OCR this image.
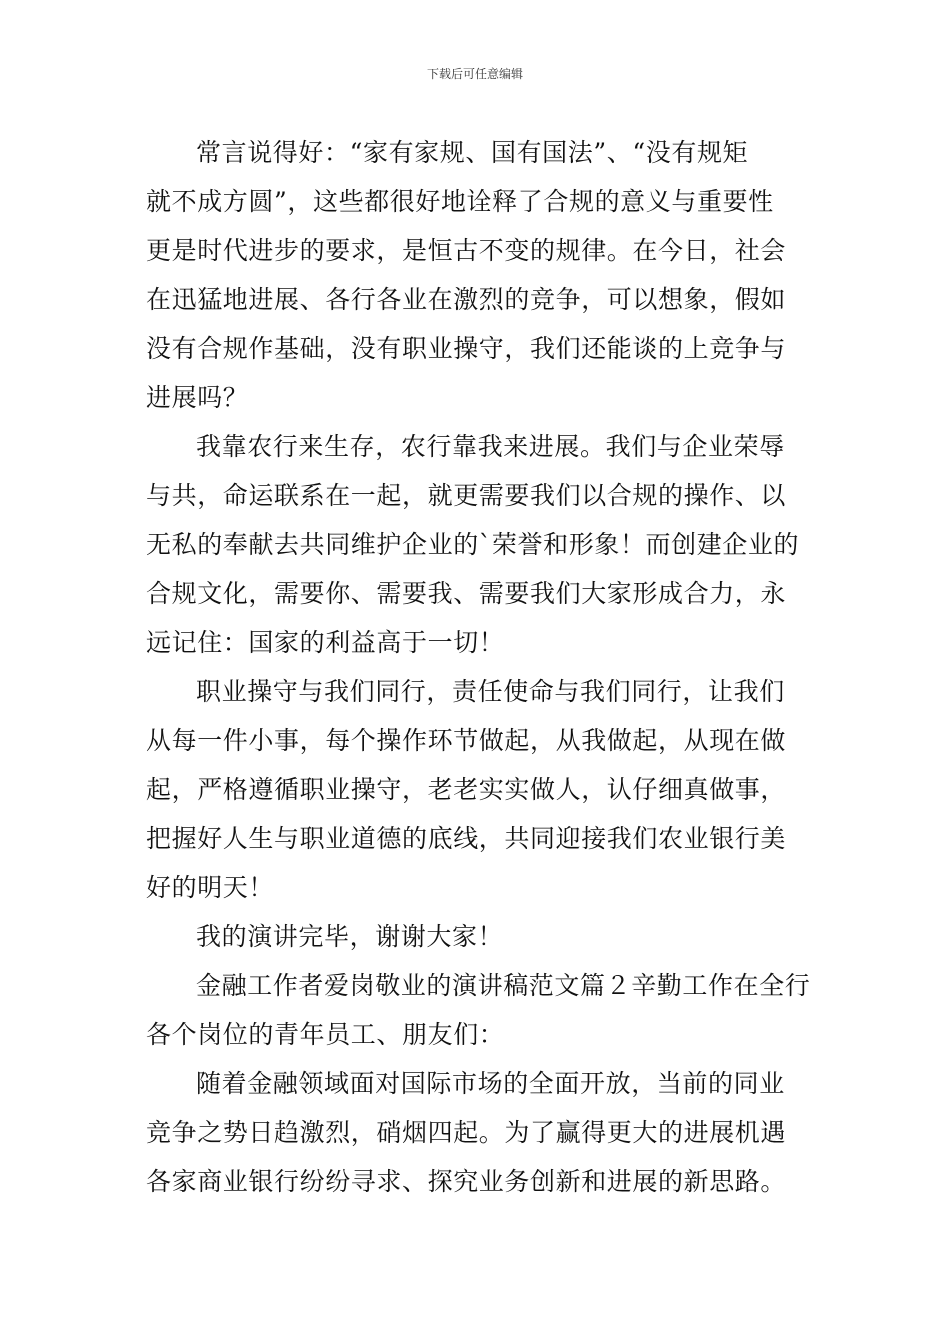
下载后可任意编辑
常言说得好：“家有家规、国有国法”、“没有规矩
就不成方圆”，这些都很好地诠释了合规的意义与重要性
更是时代进步的要求，是恒古不变的规律。在今日，社会
在迅猛地进展、各行各业在激烈的竞争，可以想象，假如
没有合规作基础，没有职业操守，我们还能谈的上竞争与
进展吗？
我靠农行来生存，农行靠我来进展。我们与企业荣辱
与共，命运联系在一起，就更需要我们以合规的操作、以
无私的奉献去共同维护企业的`荣誉和形象！而创建企业的
合规文化，需要你、需要我、需要我们大家形成合力，永
远记住：国家的利益高于一切！
职业操守与我们同行，责任使命与我们同行，让我们
从每一件小事，每个操作环节做起，从我做起，从现在做
起，严格遵循职业操守，老老实实做人，认仔细真做事，
把握好人生与职业道德的底线，共同迎接我们农业银行美
好的明天！
我的演讲完毕，谢谢大家！
金融工作者爱岗敬业的演讲稿范文篇２辛勤工作在全行
各个岗位的青年员工、朋友们：
随着金融领域面对国际市场的全面开放，当前的同业
竞争之势日趋激烈，硝烟四起。为了赢得更大的进展机遇
各家商业银行纷纷寻求、探究业务创新和进展的新思路。
